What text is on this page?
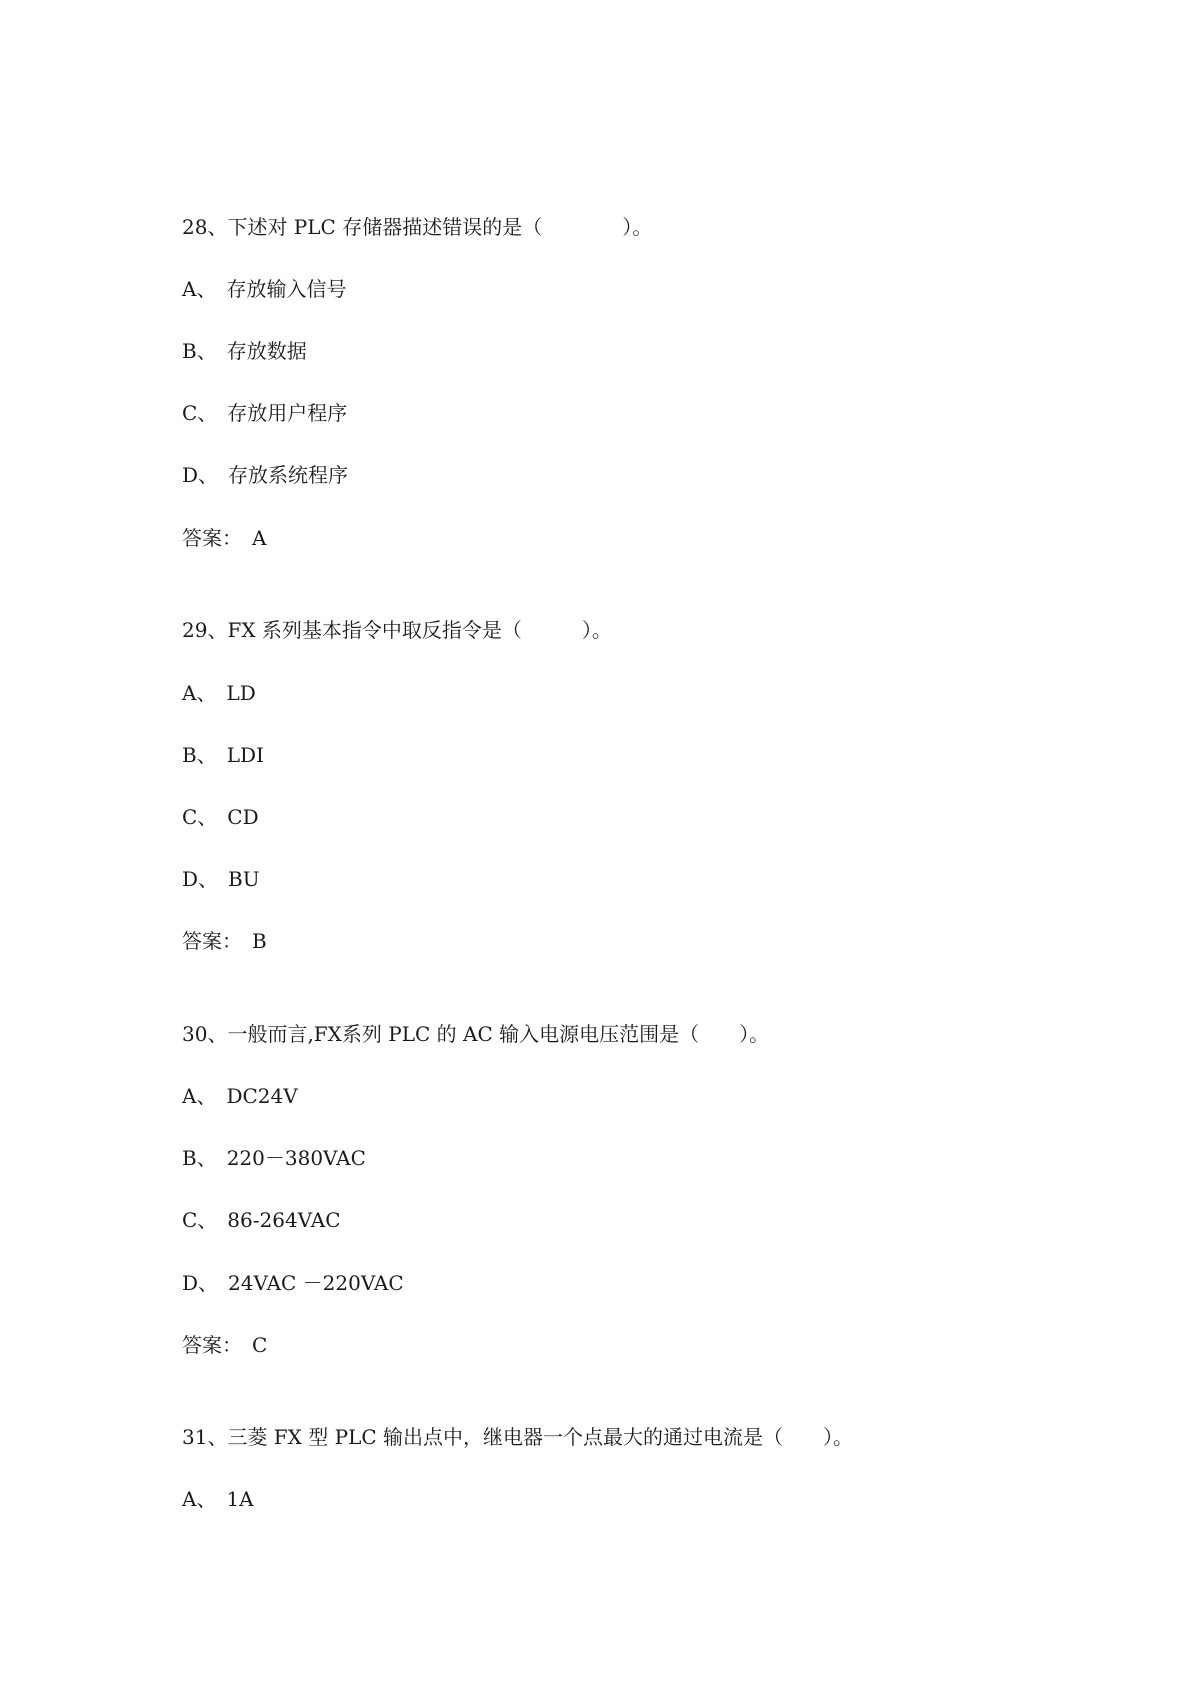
28、下述对 PLC 存储器描述错误的是（　　　　）。
A、　存放输入信号
B、　存放数据
C、　存放用户程序
D、　存放系统程序
答案：　A
29、FX 系列基本指令中取反指令是（　　　）。
A、　LD
B、　LDI
C、　CD
D、　BU
答案：　B
30、一般而言,FX系列 PLC 的 AC 输入电源电压范围是（　　）。
A、　DC24V
B、　220－380VAC
C、　86-264VAC
D、　24VAC －220VAC
答案：　C
31、三菱 FX 型 PLC 输出点中，继电器一个点最大的通过电流是（　　）。
A、　1A
